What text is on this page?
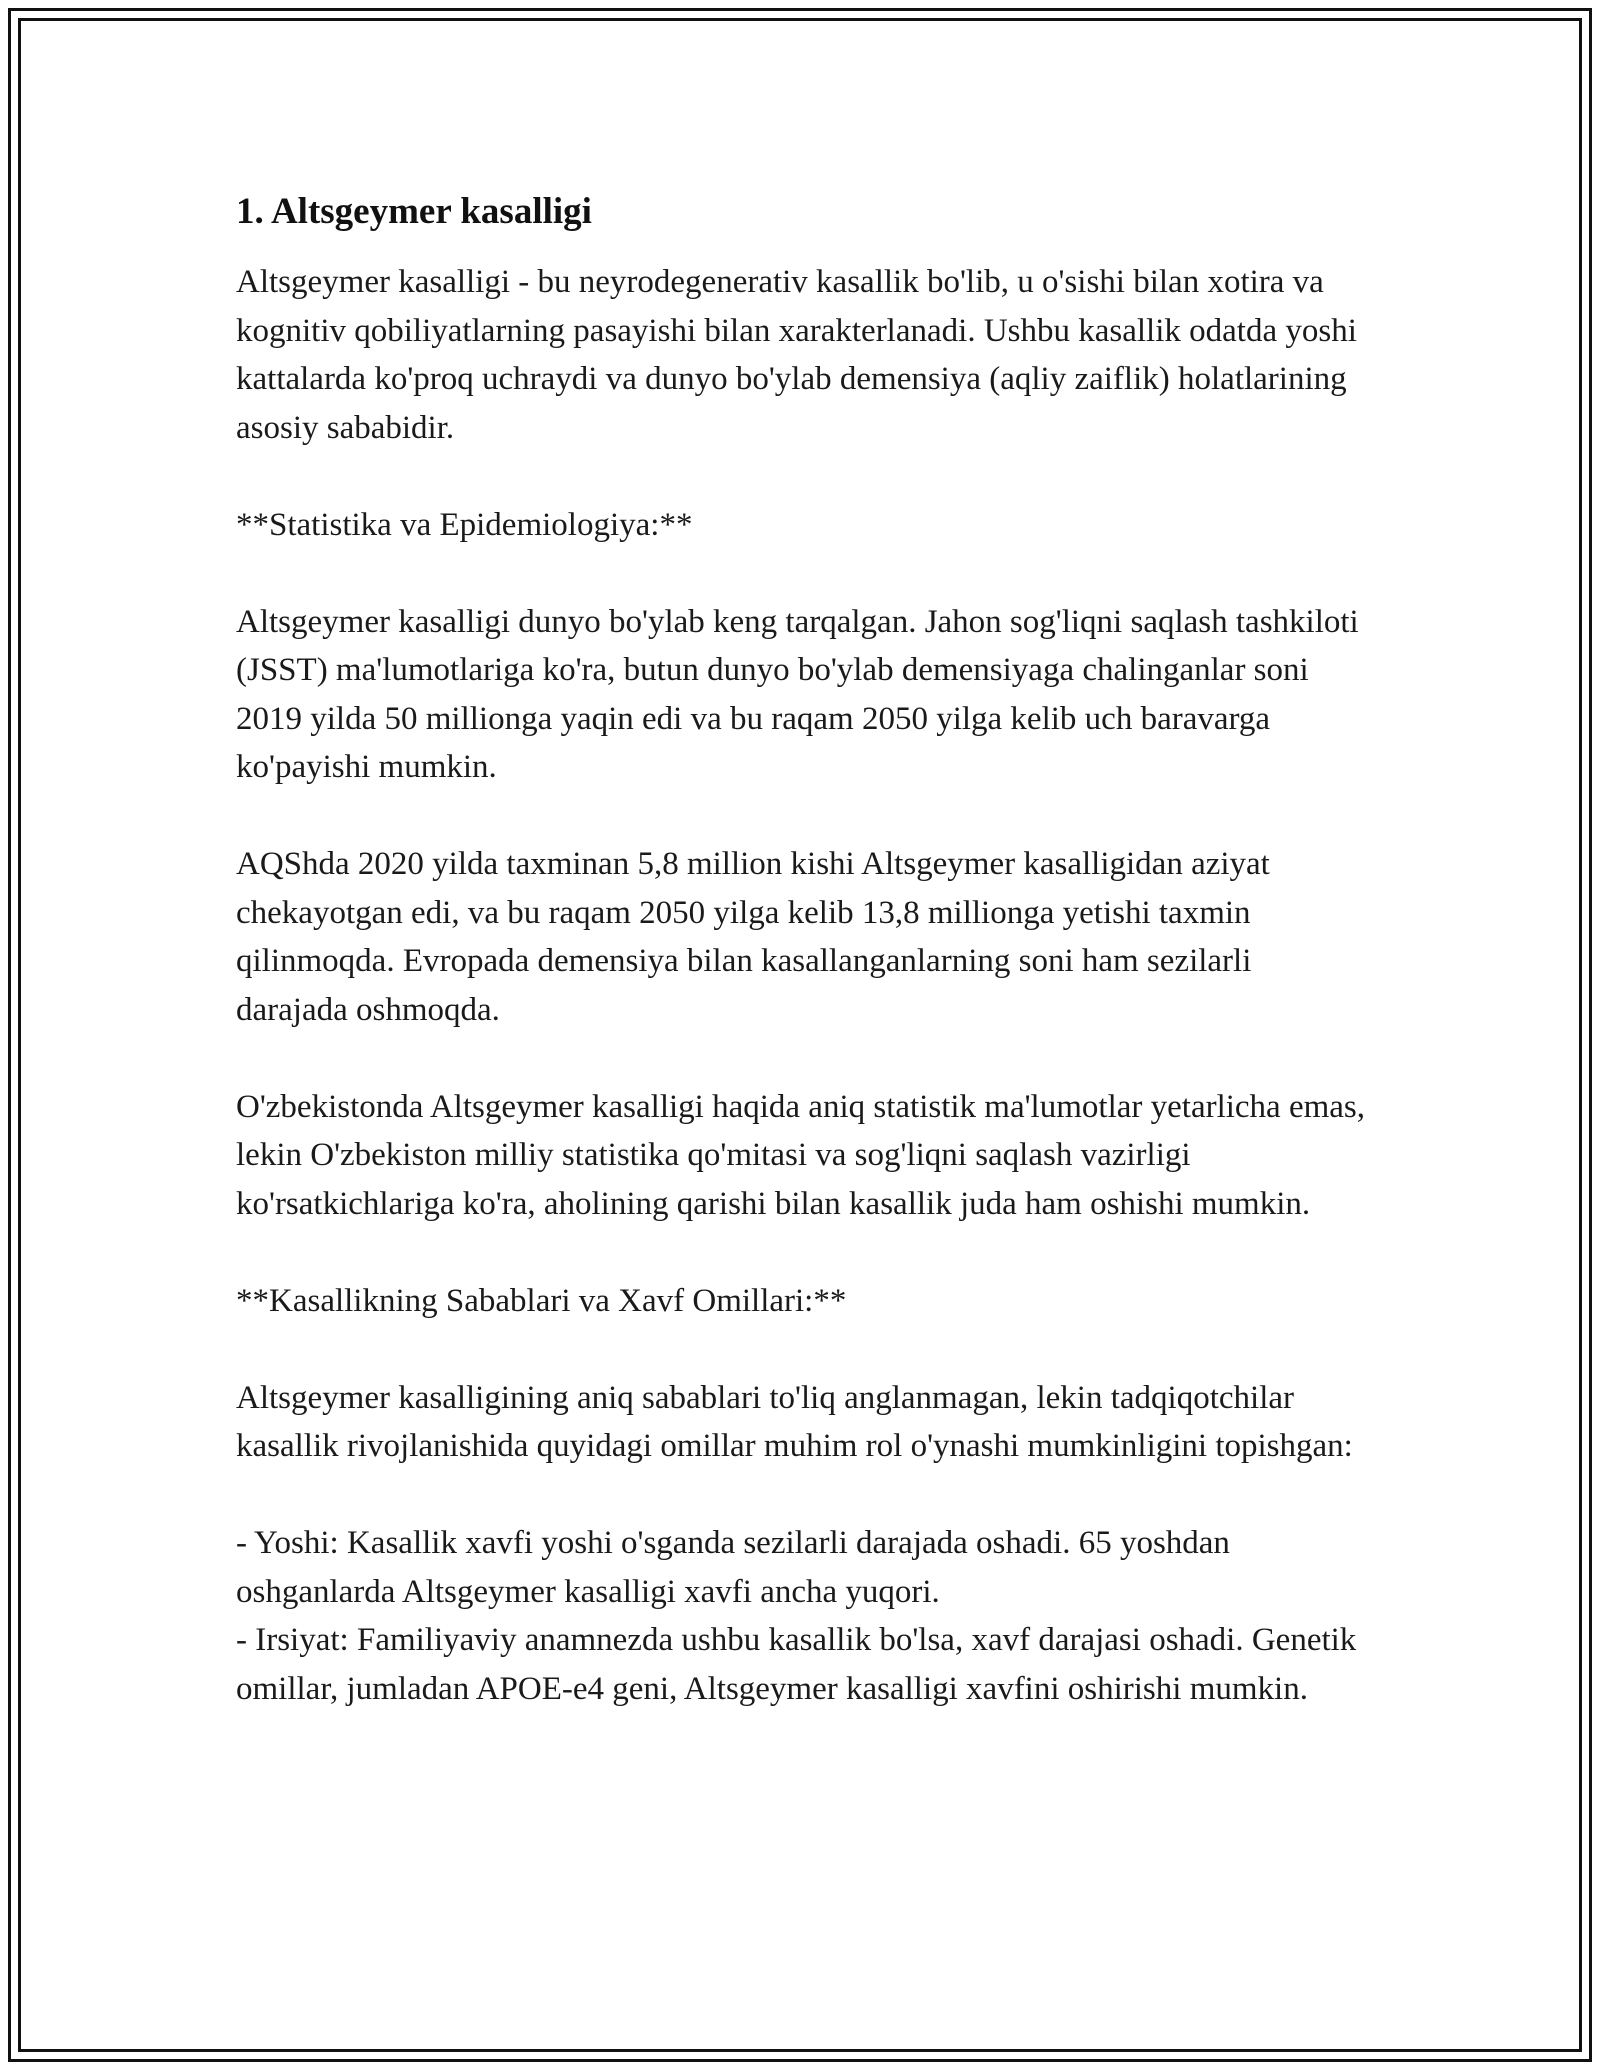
1. Altsgeymer kasalligi

Altsgeymer kasalligi - bu neyrodegenerativ kasallik bo'lib, u o'sishi bilan xotira va kognitiv qobiliyatlarning pasayishi bilan xarakterlanadi. Ushbu kasallik odatda yoshi kattalarda ko'proq uchraydi va dunyo bo'ylab demensiya (aqliy zaiflik) holatlarining asosiy sababidir.

**Statistika va Epidemiologiya:**

Altsgeymer kasalligi dunyo bo'ylab keng tarqalgan. Jahon sog'liqni saqlash tashkiloti (JSST) ma'lumotlariga ko'ra, butun dunyo bo'ylab demensiyaga chalinganlar soni 2019 yilda 50 millionga yaqin edi va bu raqam 2050 yilga kelib uch baravarga ko'payishi mumkin.

AQShda 2020 yilda taxminan 5,8 million kishi Altsgeymer kasalligidan aziyat chekayotgan edi, va bu raqam 2050 yilga kelib 13,8 millionga yetishi taxmin qilinmoqda. Evropada demensiya bilan kasallanganlarning soni ham sezilarli darajada oshmoqda.

O'zbekistonda Altsgeymer kasalligi haqida aniq statistik ma'lumotlar yetarlicha emas, lekin O'zbekiston milliy statistika qo'mitasi va sog'liqni saqlash vazirligi ko'rsatkichlariga ko'ra, aholining qarishi bilan kasallik juda ham oshishi mumkin.

**Kasallikning Sabablari va Xavf Omillari:**

Altsgeymer kasalligining aniq sabablari to'liq anglanmagan, lekin tadqiqotchilar kasallik rivojlanishida quyidagi omillar muhim rol o'ynashi mumkinligini topishgan:

- Yoshi: Kasallik xavfi yoshi o'sganda sezilarli darajada oshadi. 65 yoshdan oshganlarda Altsgeymer kasalligi xavfi ancha yuqori.

- Irsiyat: Familiyaviy anamnezda ushbu kasallik bo'lsa, xavf darajasi oshadi. Genetik omillar, jumladan APOE-e4 geni, Altsgeymer kasalligi xavfini oshirishi mumkin.
